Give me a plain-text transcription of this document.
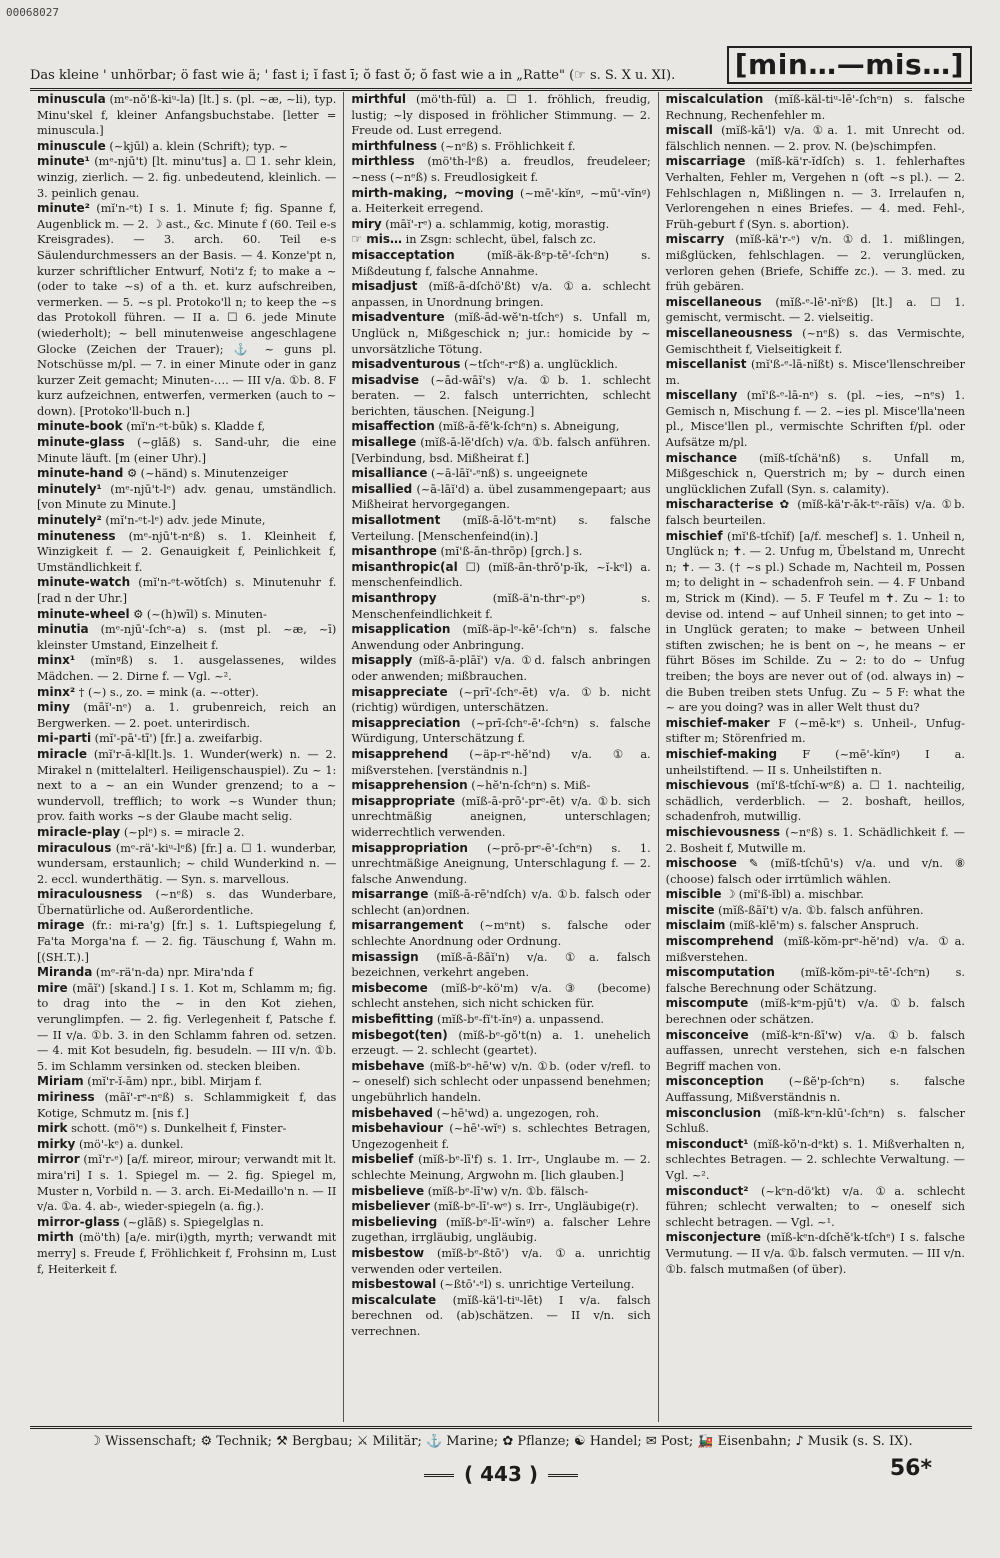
00068027
Das kleine ' unhörbar; ö fast wie ä; ' fast i; ĭ fast ī; ŏ fast ŏ; ŏ fast wie a in „Ratte" (☞ s. S. X u. XI). [min…—mis…]
minuscula (mᵉ-nŏ'ß-kiᵘ-la) [lt.] s. (pl. ~æ, ~li), typ. Minu'skel f, kleiner Anfangsbuchstabe. [letter = minuscula.]
minuscule (~kjūl) a. klein (Schrift); typ. ~
minute¹ (mᵉ-njū't) [lt. minu'tus] a. ☐ 1. sehr klein, winzig, zierlich. — 2. fig. unbedeutend, kleinlich. — 3. peinlich genau.
minute² (mĭ'n-ᵉt) I s. 1. Minute f; fig. Spanne f, Augenblick m. — 2. ☽ ast., &c. Minute f (60. Teil e-s Kreisgrades). — 3. arch. 60. Teil e-s Säulendurchmessers an der Basis. — 4. Konze'pt n, kurzer schriftlicher Entwurf, Noti'z f; to make a ~ (oder to take ~s) of a th. et. kurz aufschreiben, vermerken. — 5. ~s pl. Protoko'll n; to keep the ~s das Protokoll führen. — II a. ☐ 6. jede Minute (wiederholt); ~ bell minutenweise angeschlagene Glocke (Zeichen der Trauer); ⚓ ~ guns pl. Notschüsse m/pl. — 7. in einer Minute oder in ganz kurzer Zeit gemacht; Minuten-…. — III v/a. ①b. 8. F kurz aufzeichnen, entwerfen, vermerken (auch to ~ down). [Protoko'll-buch n.]
minute-book (mĭ'n-ᵉt-būk) s. Kladde f,
minute-glass (~glāß) s. Sand-uhr, die eine Minute läuft. [m (einer Uhr).]
minute-hand ⚙ (~händ) s. Minutenzeiger
minutely¹ (mᵉ-njū't-lᵉ) adv. genau, umständlich. [von Minute zu Minute.]
minutely² (mĭ'n-ᵉt-lᵉ) adv. jede Minute,
minuteness (mᵉ-njū't-nᵉß) s. 1. Kleinheit f, Winzigkeit f. — 2. Genauigkeit f, Peinlichkeit f, Umständlichkeit f.
minute-watch (mĭ'n-ᵉt-wŏtſch) s. Minutenuhr f. [rad n der Uhr.]
minute-wheel ⚙ (~(h)wīl) s. Minuten-
minutia (mᵉ-njū'-ſchᵉ-a) s. (mst pl. ~æ, ~ī) kleinster Umstand, Einzelheit f.
minx¹ (mĭnᵍß) s. 1. ausgelassenes, wildes Mädchen. — 2. Dirne f. — Vgl. ~².
minx² † (~) s., zo. = mink (a. ~-otter).
miny (māĭ'-nᵉ) a. 1. grubenreich, reich an Bergwerken. — 2. poet. unterirdisch.
mi-parti (mĭ'-pā'-tī') [fr.] a. zweifarbig.
miracle (mĭ'r-ā-kl[lt.]s. 1. Wunder(werk) n. — 2. Mirakel n (mittelalterl. Heiligenschauspiel). Zu ~ 1: next to a ~ an ein Wunder grenzend; to a ~ wundervoll, trefflich; to work ~s Wunder thun; prov. faith works ~s der Glaube macht selig.
miracle-play (~plᵉ) s. = miracle 2.
miraculous (mᵉ-rä'-kiᵘ-lᵉß) [fr.] a. ☐ 1. wunderbar, wundersam, erstaunlich; ~ child Wunderkind n. — 2. eccl. wunderthätig. — Syn. s. marvellous.
miraculousness (~nᵉß) s. das Wunderbare, Übernatürliche od. Außerordentliche.
mirage (fr.: mi-ra'g) [fr.] s. 1. Luftspiegelung f, Fa'ta Morga'na f. — 2. fig. Täuschung f, Wahn m. [(SH.T.).]
Miranda (mᵉ-rä'n-da) npr. Mira'nda f
mire (māĭ') [skand.] I s. 1. Kot m, Schlamm m; fig. to drag into the ~ in den Kot ziehen, verunglimpfen. — 2. fig. Verlegenheit f, Patsche f. — II v/a. ①b. 3. in den Schlamm fahren od. setzen. — 4. mit Kot besudeln, fig. besudeln. — III v/n. ①b. 5. im Schlamm versinken od. stecken bleiben.
Miriam (mĭ'r-ĭ-ām) npr., bibl. Mirjam f.
miriness (māĭ'-rᵉ-nᵉß) s. Schlammigkeit f, das Kotige, Schmutz m. [nis f.]
mirk schott. (mö'ᵉ) s. Dunkelheit f, Finster-
mirky (mö'-kᵉ) a. dunkel.
mirror (mĭ'r-ᵉ) [a/f. mireor, mirour; verwandt mit lt. mira'ri] I s. 1. Spiegel m. — 2. fig. Spiegel m, Muster n, Vorbild n. — 3. arch. Ei-Medaillo'n n. — II v/a. ①a. 4. ab-, wieder-spiegeln (a. fig.).
mirror-glass (~glāß) s. Spiegelglas n.
mirth (mö'th) [a/e. mir(i)gth, myrth; verwandt mit merry] s. Freude f, Fröhlichkeit f, Frohsinn m, Lust f, Heiterkeit f.
mirthful (mö'th-fūl) a. ☐ 1. fröhlich, freudig, lustig; ~ly disposed in fröhlicher Stimmung. — 2. Freude od. Lust erregend.
mirthfulness (~nᵉß) s. Fröhlichkeit f.
mirthless (mö'th-lᵉß) a. freudlos, freudeleer; ~ness (~nᵉß) s. Freudlosigkeit f.
mirth-making, ~moving (~mē'-kĭnᵍ, ~mū'-vĭnᵍ) a. Heiterkeit erregend.
miry (māĭ'-rᵉ) a. schlammig, kotig, morastig.
☞ mis… in Zsgn: schlecht, übel, falsch zc.
misacceptation	(mĭß-äk-ßᵉp-tē'-ſchᵉn) s. Mißdeutung f, falsche Annahme.
misadjust (mĭß-ā-dſchö'ßt) v/a. ①a. schlecht anpassen, in Unordnung bringen.
misadventure (mĭß-ād-wĕ'n-tſchᵉ) s. Unfall m, Unglück n, Mißgeschick n; jur.: homicide by ~ unvorsätzliche Tötung.
misadventurous (~tſchᵉ-rᵉß) a. unglücklich.
misadvise (~ād-wāĭ's) v/a. ①b. 1. schlecht beraten. — 2. falsch unterrichten, schlecht berichten, täuschen. [Neigung.]
misaffection (mĭß-ā-fĕ'k-ſchᵉn) s. Abneigung,
misallege (mĭß-ā-lĕ'dſch) v/a. ①b. falsch anführen. [Verbindung, bsd. Mißheirat f.]
misalliance (~ā-lāĭ'-ᵉnß) s. ungeeignete
misallied (~ā-lāĭ'd) a. übel zusammengepaart; aus Mißheirat hervorgegangen.
misallotment (mĭß-ā-lŏ't-mᵉnt) s. falsche Verteilung. [Menschenfeind(in).]
misanthrope (mĭ'ß-ān-thrōp) [grch.] s.
misanthropic(al ☐) (mĭß-ān-thrŏ'p-ĭk, ~ĭ-kᵉl) a. menschenfeindlich.
misanthropy	(mĭß-ä'n-thrᵉ-pᵉ) s. Menschenfeindlichkeit f.
misapplication (mĭß-äp-lᵉ-kē'-ſchᵉn) s. falsche Anwendung oder Anbringung.
misapply (mĭß-ā-plāĭ') v/a. ①d. falsch anbringen oder anwenden; mißbrauchen.
misappreciate (~prī'-ſchᵉ-ēt) v/a. ①b. nicht (richtig) würdigen, unterschätzen.
misappreciation (~prī-ſchᵉ-ē'-ſchᵉn) s. falsche Würdigung, Unterschätzung f.
misapprehend (~äp-rᵉ-hĕ'nd) v/a. ①a. mißverstehen. [verständnis n.]
misapprehension (~hĕ'n-ſchᵉn) s. Miß-
misappropriate (mĭß-ā-prō'-prᵉ-ēt) v/a. ①b. sich unrechtmäßig aneignen, unterschlagen; widerrechtlich verwenden.
misappropriation (~prō-prᵉ-ē'-ſchᵉn) s. 1. unrechtmäßige Aneignung, Unterschlagung f. — 2. falsche Anwendung.
misarrange (mĭß-ā-rē'ndſch) v/a. ①b. falsch oder schlecht (an)ordnen.
misarrangement (~mᵉnt) s. falsche oder schlechte Anordnung oder Ordnung.
misassign (mĭß-ā-ßāĭ'n) v/a. ①a. falsch bezeichnen, verkehrt angeben.
misbecome (mĭß-bᵉ-kö'm) v/a. ③ (become) schlecht anstehen, sich nicht schicken für.
misbefitting (mĭß-bᵉ-fĭ't-ĭnᵍ) a. unpassend.
misbegot(ten) (mĭß-bᵉ-gŏ't(n) a. 1. unehelich erzeugt. — 2. schlecht (geartet).
misbehave (mĭß-bᵉ-hē'w) v/n. ①b. (oder v/refl. to ~ oneself) sich schlecht oder unpassend benehmen; ungebührlich handeln.
misbehaved (~hē'wd) a. ungezogen, roh.
misbehaviour (~hē'-wĭᵉ) s. schlechtes Betragen, Ungezogenheit f.
misbelief (mĭß-bᵉ-lī'f) s. 1. Irr-, Unglaube m. — 2. schlechte Meinung, Argwohn m. [lich glauben.]
misbelieve (mĭß-bᵉ-lī'w) v/n. ①b. fälsch-
misbeliever (mĭß-bᵉ-lī'-wᵉ) s. Irr-, Ungläubige(r).
misbelieving (mĭß-bᵉ-lī'-wĭnᵍ) a. falscher Lehre zugethan, irrgläubig, ungläubig.
misbestow (mĭß-bᵉ-ßtō') v/a. ①a. unrichtig verwenden oder verteilen.
misbestowal (~ßtō'-ᵉl) s. unrichtige Verteilung.
miscalculate (mĭß-kä'l-tiᵘ-lēt) I v/a. falsch berechnen od. (ab)schätzen. — II v/n. sich verrechnen.
miscalculation (mĭß-käl-tiᵘ-lē'-ſchᵉn) s. falsche Rechnung, Rechenfehler m.
miscall (mĭß-kā'l) v/a. ①a. 1. mit Unrecht od. fälschlich nennen. — 2. prov. N. (be)schimpfen.
miscarriage (mĭß-kä'r-ĭdſch) s. 1. fehlerhaftes Verhalten, Fehler m, Vergehen n (oft ~s pl.). — 2. Fehlschlagen n, Mißlingen n. — 3. Irrelaufen n, Verlorengehen n eines Briefes. — 4. med. Fehl-, Früh-geburt f (Syn. s. abortion).
miscarry (mĭß-kä'r-ᵉ) v/n. ①d. 1. mißlingen, mißglücken, fehlschlagen. — 2. verunglücken, verloren gehen (Briefe, Schiffe zc.). — 3. med. zu früh gebären.
miscellaneous (mĭß-ᵉ-lē'-nĭᵉß) [lt.] a. ☐ 1. gemischt, vermischt. — 2. vielseitig.
miscellaneousness (~nᵉß) s. das Vermischte, Gemischtheit f, Vielseitigkeit f.
miscellanist (mĭ'ß-ᵉ-lā-nĭßt) s. Misce'llenschreiber m.
miscellany (mĭ'ß-ᵉ-lā-nᵉ) s. (pl. ~ies, ~nᵉs) 1. Gemisch n, Mischung f. — 2. ~ies pl. Misce'lla'neen pl., Misce'llen pl., vermischte Schriften f/pl. oder Aufsätze m/pl.
mischance (mĭß-tſchä'nß) s. Unfall m, Mißgeschick n, Querstrich m; by ~ durch einen unglücklichen Zufall (Syn. s. calamity).
mischaracterise ✿ (mĭß-kä'r-āk-tᵉ-rāĭs) v/a. ①b. falsch beurteilen.
mischief (mĭ'ß-tſchĭf) [a/f. meschef] s. 1. Unheil n, Unglück n; ✝. — 2. Unfug m, Übelstand m, Unrecht n; ✝. — 3. († ~s pl.) Schade m, Nachteil m, Possen m; to delight in ~ schadenfroh sein. — 4. F Unband m, Strick m (Kind). — 5. F Teufel m ✝. Zu ~ 1: to devise od. intend ~ auf Unheil sinnen; to get into ~ in Unglück geraten; to make ~ between Unheil stiften zwischen; he is bent on ~, he means ~ er führt Böses im Schilde. Zu ~ 2: to do ~ Unfug treiben; the boys are never out of (od. always in) ~ die Buben treiben stets Unfug. Zu ~ 5 F: what the ~ are you doing? was in aller Welt thust du?
mischief-maker F (~mē-kᵉ) s. Unheil-, Unfug-stifter m; Störenfried m.
mischief-making F (~mē'-kĭnᵍ) I a. unheilstiftend. — II s. Unheilstiften n.
mischievous (mĭ'ß-tſchĭ-wᵉß) a. ☐ 1. nachteilig, schädlich, verderblich. — 2. boshaft, heillos, schadenfroh, mutwillig.
mischievousness (~nᵉß) s. 1. Schädlichkeit f. — 2. Bosheit f, Mutwille m.
mischoose ✎ (mĭß-tſchū's) v/a. und v/n. ⑧ (choose) falsch oder irrtümlich wählen.
miscible ☽ (mĭ'ß-ĭbl) a. mischbar.
miscite (mĭß-ßāĭ't) v/a. ①b. falsch anführen.
misclaim (mĭß-klē'm) s. falscher Anspruch.
miscomprehend (mĭß-kŏm-prᵉ-hĕ'nd) v/a. ①a. mißverstehen.
miscomputation (mĭß-kŏm-piᵘ-tē'-ſchᵉn) s. falsche Berechnung oder Schätzung.
miscompute (mĭß-kᵉm-pjū't) v/a. ①b. falsch berechnen oder schätzen.
misconceive (mĭß-kᵉn-ßī'w) v/a. ①b. falsch auffassen, unrecht verstehen, sich e-n falschen Begriff machen von.
misconception (~ßĕ'p-ſchᵉn) s. falsche Auffassung, Mißverständnis n.
misconclusion (mĭß-kᵉn-klū'-ſchᵉn) s. falscher Schluß.
misconduct¹ (mĭß-kŏ'n-dᵉkt) s. 1. Mißverhalten n, schlechtes Betragen. — 2. schlechte Verwaltung. — Vgl. ~².
misconduct² (~kᵉn-dö'kt) v/a. ①a. schlecht führen; schlecht verwalten; to ~ oneself sich schlecht betragen. — Vgl. ~¹.
misconjecture (mĭß-kᵉn-dſchĕ'k-tſchᵉ) I s. falsche Vermutung. — II v/a. ①b. falsch vermuten. — III v/n. ①b. falsch mutmaßen (of über).
☽ Wissenschaft; ⚙ Technik; ⚒ Bergbau; ⚔ Militär; ⚓ Marine; ✿ Pflanze; ☯ Handel; ✉ Post; 🚂 Eisenbahn; ♪ Musik (s. S. IX).
( 443 )	56*
